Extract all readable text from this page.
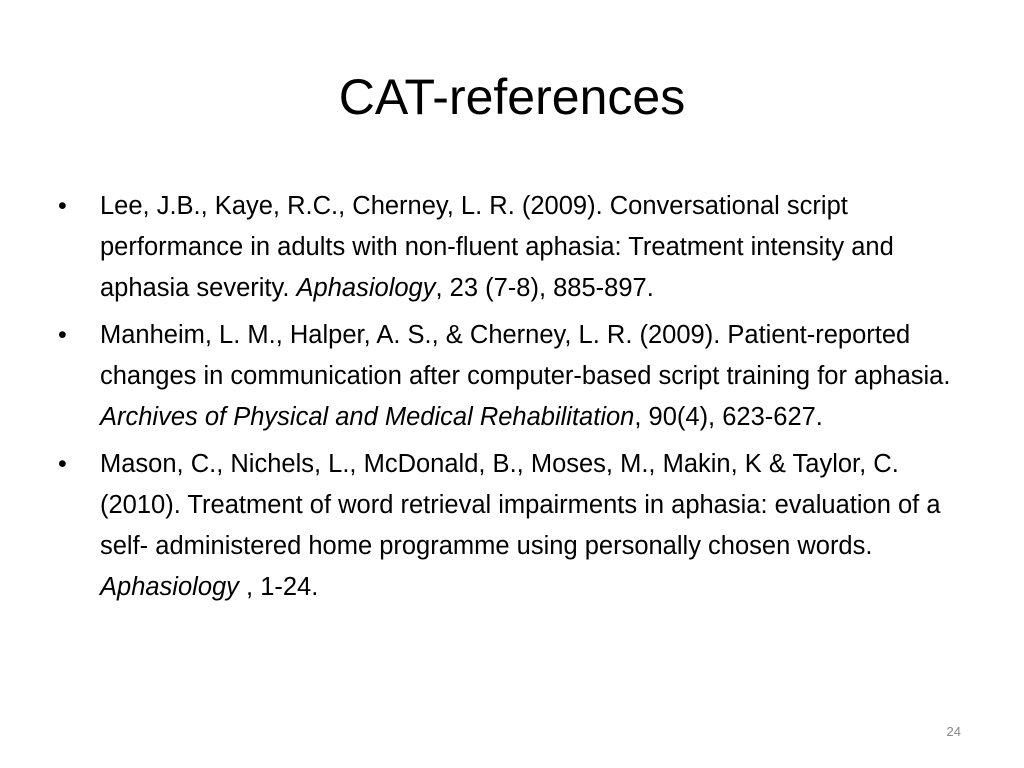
CAT-references
• Lee, J.B., Kaye, R.C., Cherney, L. R. (2009). Conversational script performance in adults with non-fluent aphasia: Treatment intensity and aphasia severity. Aphasiology, 23 (7-8), 885-897.
• Manheim, L. M., Halper, A. S., & Cherney, L. R. (2009). Patient-reported changes in communication after computer-based script training for aphasia. Archives of Physical and Medical Rehabilitation, 90(4), 623-627.
• Mason, C., Nichels, L., McDonald, B., Moses, M., Makin, K & Taylor, C. (2010). Treatment of word retrieval impairments in aphasia: evaluation of a self- administered home programme using personally chosen words. Aphasiology , 1-24.
24
